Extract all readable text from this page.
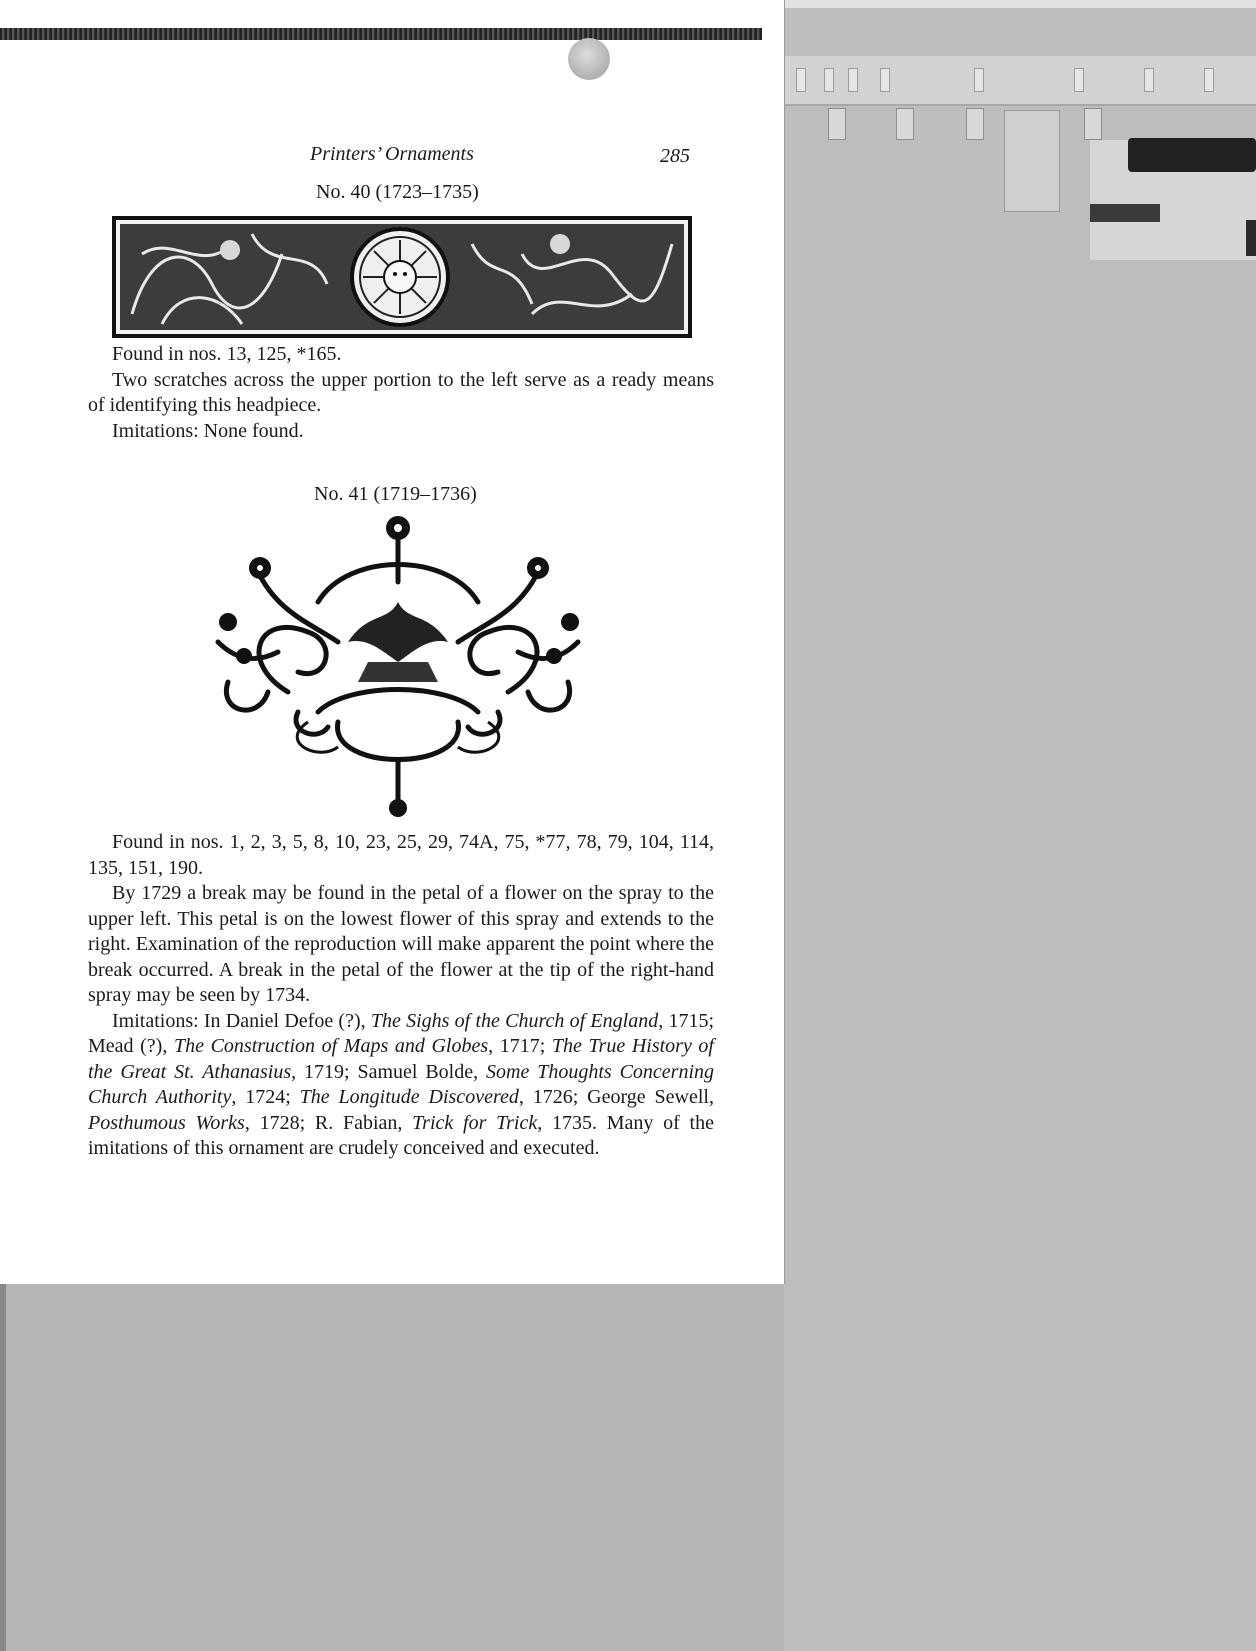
Printers’ Ornaments	285
No. 40 (1723–1735)
Found in nos. 13, 125, *165.
Two scratches across the upper portion to the left serve as a ready means of identifying this headpiece.
Imitations: None found.
No. 41 (1719–1736)
Found in nos. 1, 2, 3, 5, 8, 10, 23, 25, 29, 74A, 75, *77, 78, 79, 104, 114, 135, 151, 190.
By 1729 a break may be found in the petal of a flower on the spray to the upper left. This petal is on the lowest flower of this spray and extends to the right. Examination of the reproduction will make apparent the point where the break occurred. A break in the petal of the flower at the tip of the right-hand spray may be seen by 1734.
Imitations: In Daniel Defoe (?), The Sighs of the Church of England, 1715; Mead (?), The Construction of Maps and Globes, 1717; The True History of the Great St. Athanasius, 1719; Samuel Bolde, Some Thoughts Concerning Church Authority, 1724; The Longitude Discovered, 1726; George Sewell, Posthumous Works, 1728; R. Fabian, Trick for Trick, 1735. Many of the imitations of this ornament are crudely conceived and executed.
